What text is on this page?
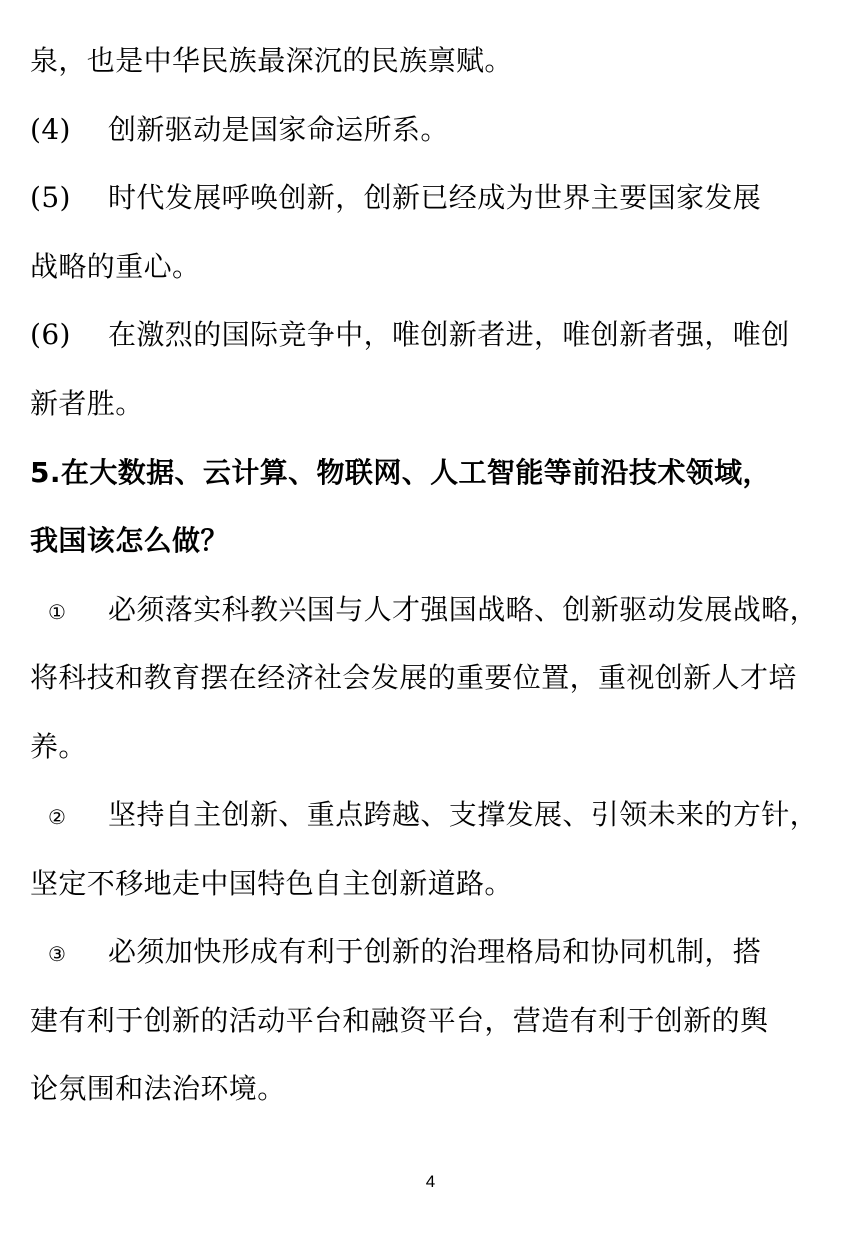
泉，也是中华民族最深沉的民族禀赋。
(4) 创新驱动是国家命运所系。
(5) 时代发展呼唤创新，创新已经成为世界主要国家发展
战略的重心。
(6) 在激烈的国际竞争中，唯创新者进，唯创新者强，唯创
新者胜。
5.在大数据、云计算、物联网、人工智能等前沿技术领域，
我国该怎么做？
① 必须落实科教兴国与人才强国战略、创新驱动发展战略，
将科技和教育摆在经济社会发展的重要位置，重视创新人才培
养。
② 坚持自主创新、重点跨越、支撑发展、引领未来的方针，
坚定不移地走中国特色自主创新道路。
③ 必须加快形成有利于创新的治理格局和协同机制，搭
建有利于创新的活动平台和融资平台，营造有利于创新的舆
论氛围和法治环境。
4
